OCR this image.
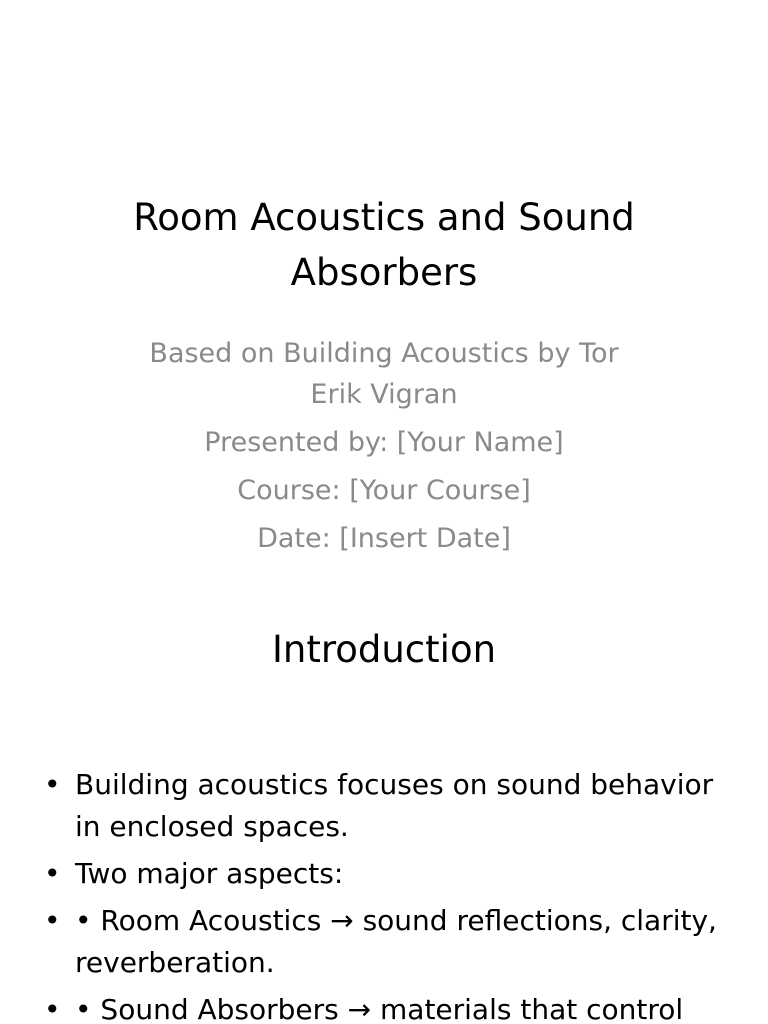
Room Acoustics and Sound Absorbers

Based on Building Acoustics by Tor Erik Vigran

Presented by: [Your Name]

Course: [Your Course]

Date: [Insert Date]

Introduction
• Building acoustics focuses on sound behavior in enclosed spaces.
• Two major aspects:
• • Room Acoustics → sound reflections, clarity, reverberation.
• • Sound Absorbers → materials that control
